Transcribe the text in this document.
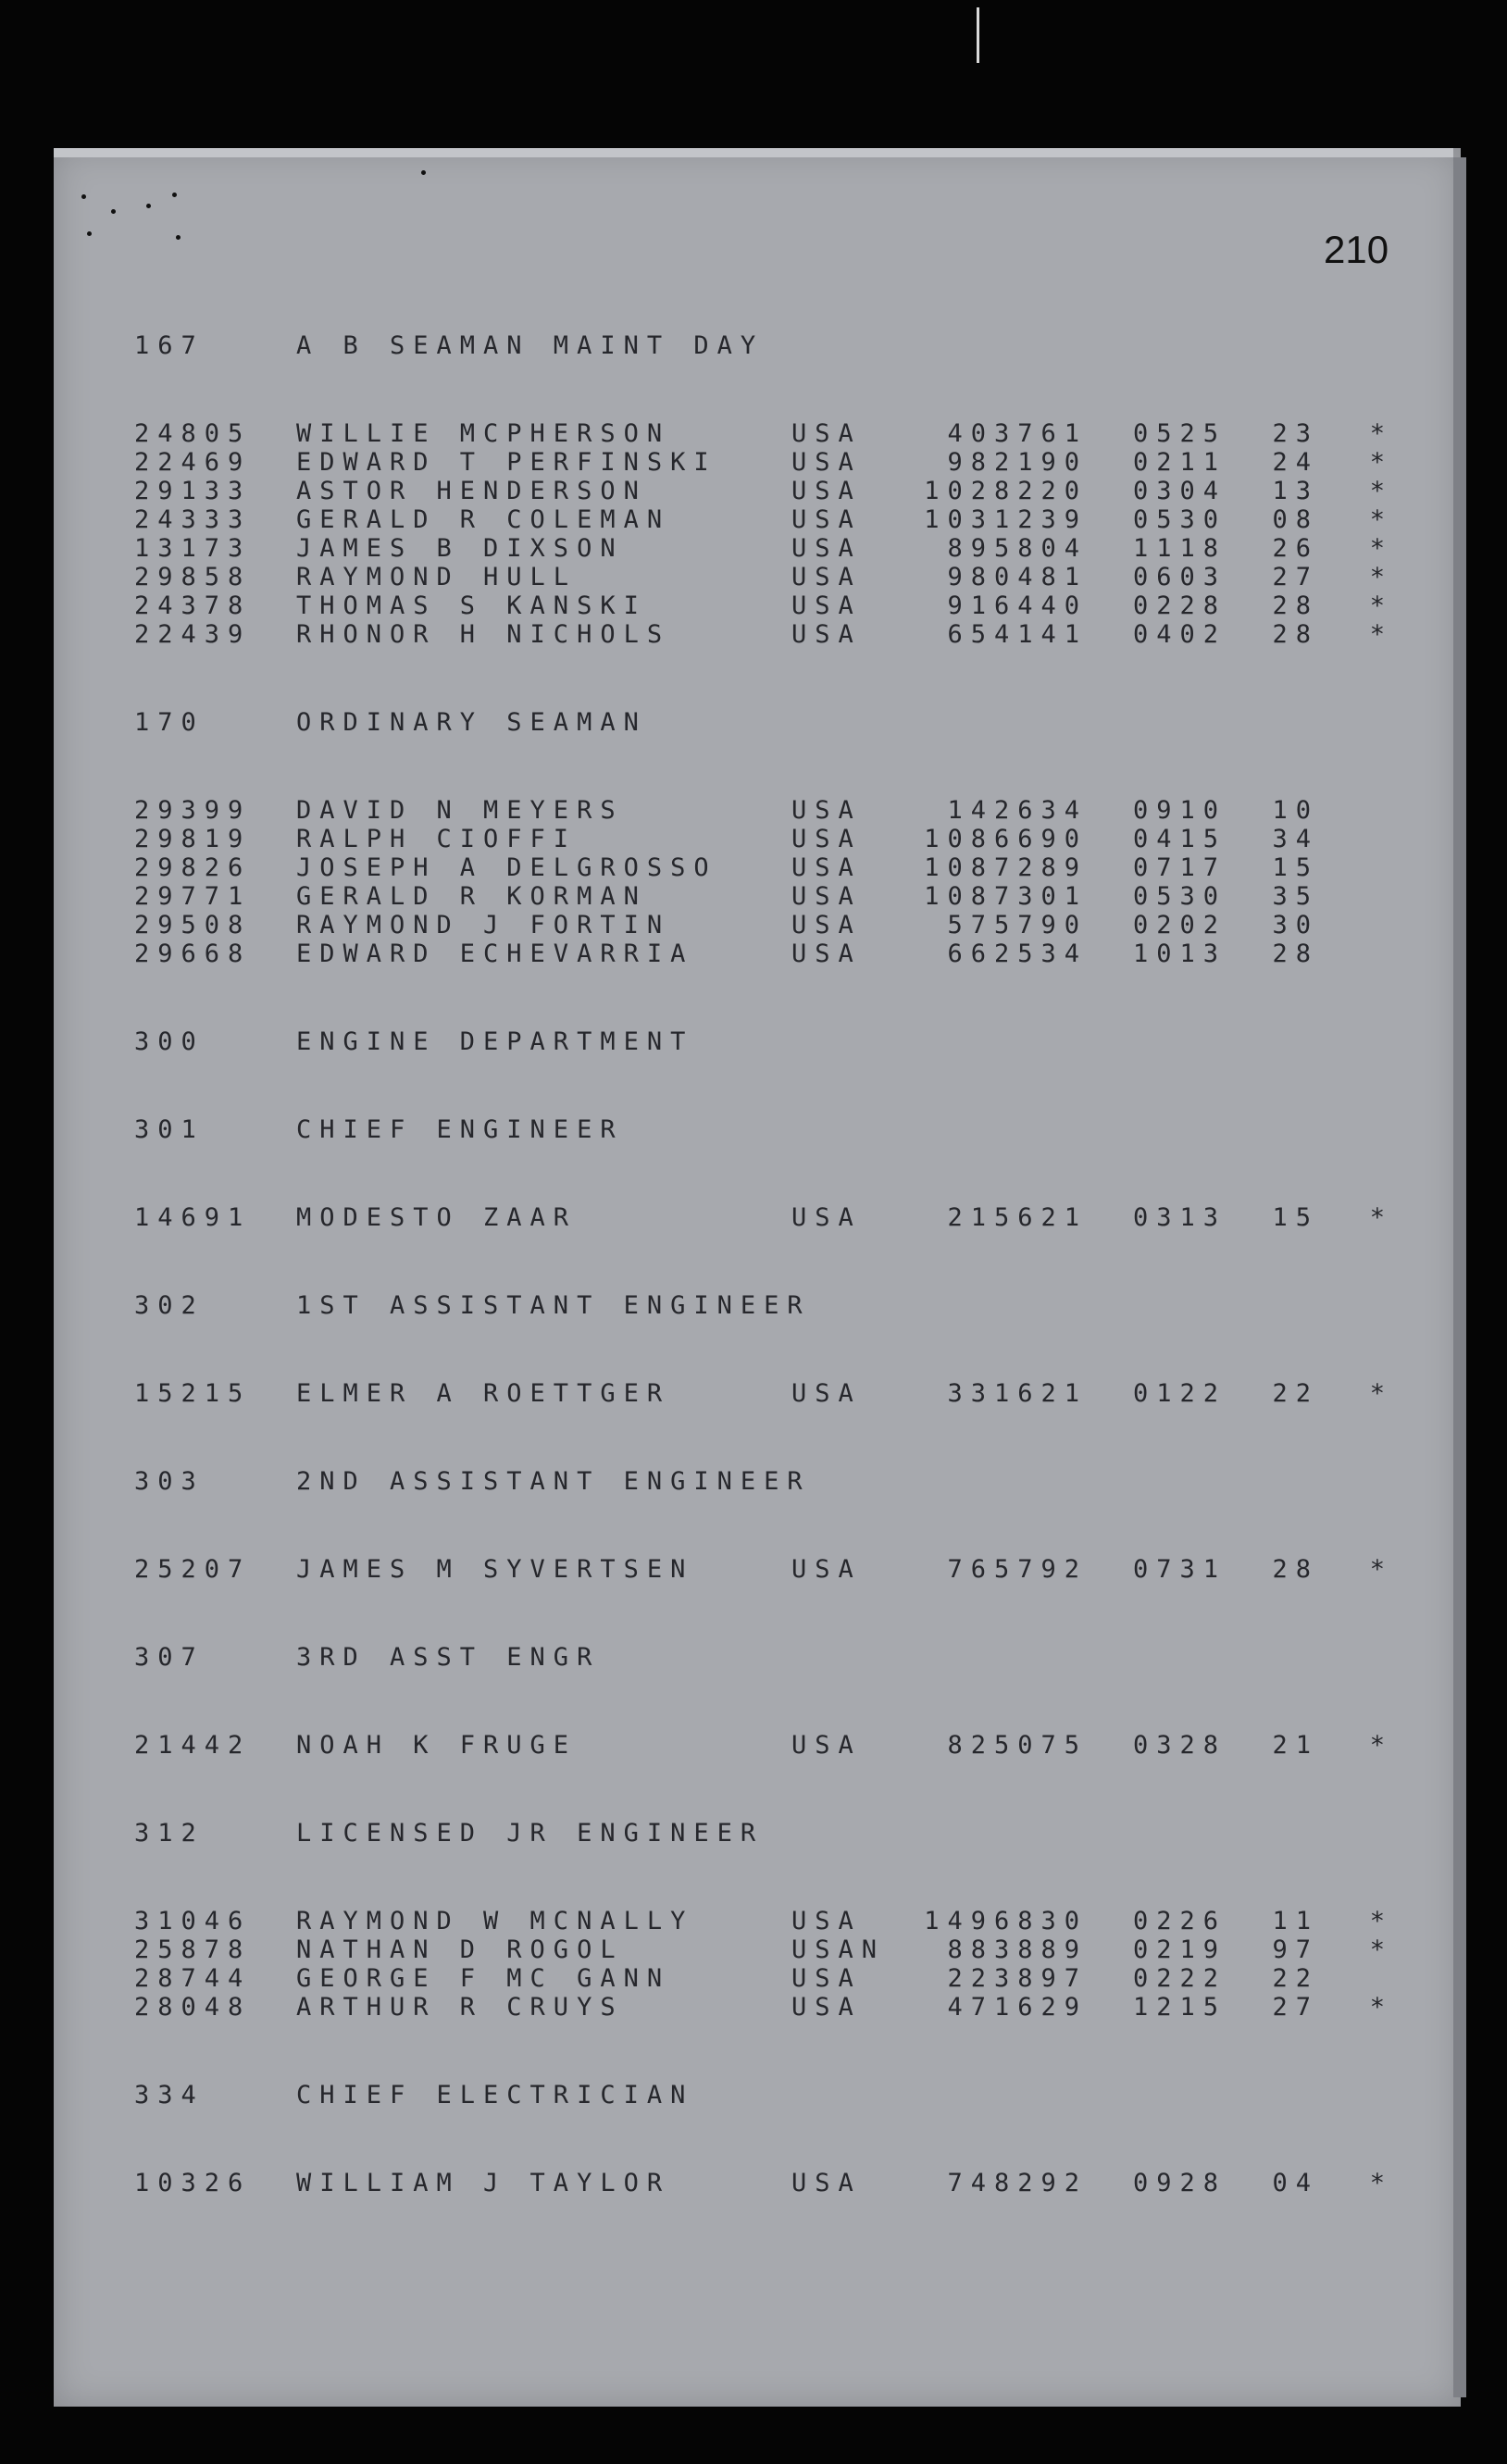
210
167	A B SEAMAN MAINT DAY
24805	WILLIE MCPHERSON	USA	403761	0525	23	*
22469	EDWARD T PERFINSKI	USA	982190	0211	24	*
29133	ASTOR HENDERSON	USA	1028220	0304	13	*
24333	GERALD R COLEMAN	USA	1031239	0530	08	*
13173	JAMES B DIXSON	USA	895804	1118	26	*
29858	RAYMOND HULL	USA	980481	0603	27	*
24378	THOMAS S KANSKI	USA	916440	0228	28	*
22439	RHONOR H NICHOLS	USA	654141	0402	28	*
170	ORDINARY SEAMAN
29399	DAVID N MEYERS	USA	142634	0910	10
29819	RALPH CIOFFI	USA	1086690	0415	34
29826	JOSEPH A DELGROSSO	USA	1087289	0717	15
29771	GERALD R KORMAN	USA	1087301	0530	35
29508	RAYMOND J FORTIN	USA	575790	0202	30
29668	EDWARD ECHEVARRIA	USA	662534	1013	28
300	ENGINE DEPARTMENT
301	CHIEF ENGINEER
14691	MODESTO ZAAR	USA	215621	0313	15	*
302	1ST ASSISTANT ENGINEER
15215	ELMER A ROETTGER	USA	331621	0122	22	*
303	2ND ASSISTANT ENGINEER
25207	JAMES M SYVERTSEN	USA	765792	0731	28	*
307	3RD ASST ENGR
21442	NOAH K FRUGE	USA	825075	0328	21	*
312	LICENSED JR ENGINEER
31046	RAYMOND W MCNALLY	USA	1496830	0226	11	*
25878	NATHAN D ROGOL	USAN	883889	0219	97	*
28744	GEORGE F MC GANN	USA	223897	0222	22
28048	ARTHUR R CRUYS	USA	471629	1215	27	*
334	CHIEF ELECTRICIAN
10326	WILLIAM J TAYLOR	USA	748292	0928	04	*
